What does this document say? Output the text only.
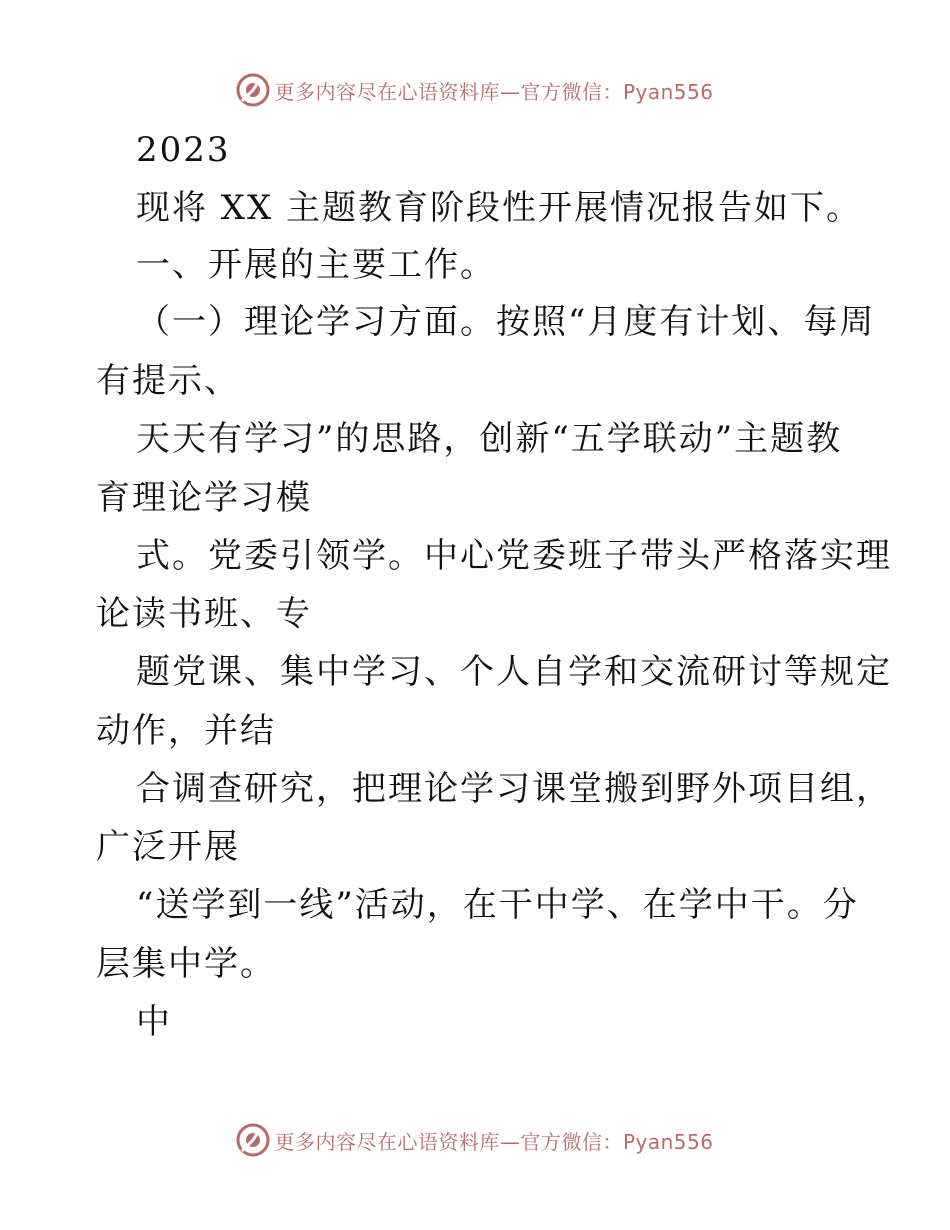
更多内容尽在心语资料库—官方微信：Pyan556
2023
现将 XX 主题教育阶段性开展情况报告如下。
一、开展的主要工作。
（一）理论学习方面。按照“月度有计划、每周
有提示、
天天有学习”的思路，创新“五学联动”主题教
育理论学习模
式。党委引领学。中心党委班子带头严格落实理
论读书班、专
题党课、集中学习、个人自学和交流研讨等规定
动作，并结
合调查研究，把理论学习课堂搬到野外项目组，
广泛开展
“送学到一线”活动，在干中学、在学中干。分
层集中学。
中
更多内容尽在心语资料库—官方微信：Pyan556
